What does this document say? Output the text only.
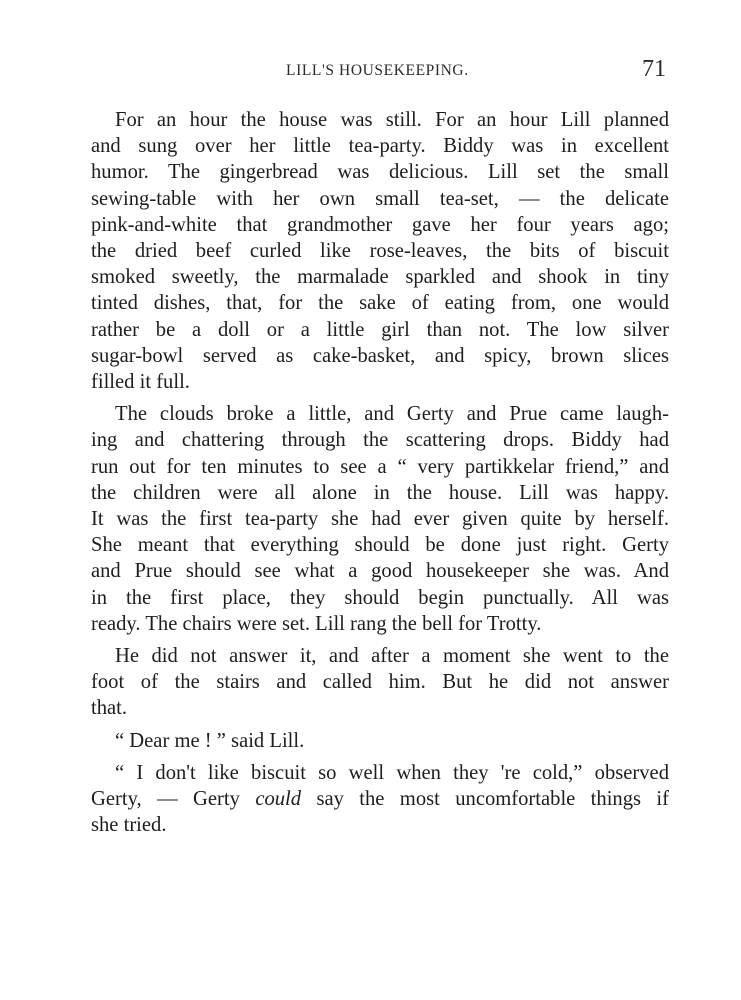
LILL'S HOUSEKEEPING.	71

For an hour the house was still. For an hour Lill planned
and sung over her little tea-party. Biddy was in excellent
humor. The gingerbread was delicious. Lill set the small
sewing-table with her own small tea-set, — the delicate
pink-and-white that grandmother gave her four years ago;
the dried beef curled like rose-leaves, the bits of biscuit
smoked sweetly, the marmalade sparkled and shook in tiny
tinted dishes, that, for the sake of eating from, one would
rather be a doll or a little girl than not. The low silver
sugar-bowl served as cake-basket, and spicy, brown slices
filled it full.

The clouds broke a little, and Gerty and Prue came laugh-
ing and chattering through the scattering drops. Biddy had
run out for ten minutes to see a “ very partikkelar friend,” and
the children were all alone in the house. Lill was happy.
It was the first tea-party she had ever given quite by herself.
She meant that everything should be done just right. Gerty
and Prue should see what a good housekeeper she was. And
in the first place, they should begin punctually. All was
ready. The chairs were set. Lill rang the bell for Trotty.

He did not answer it, and after a moment she went to the
foot of the stairs and called him. But he did not answer
that.

“ Dear me ! ” said Lill.

“ I don't like biscuit so well when they 're cold,” observed
Gerty, — Gerty could say the most uncomfortable things if
she tried.
